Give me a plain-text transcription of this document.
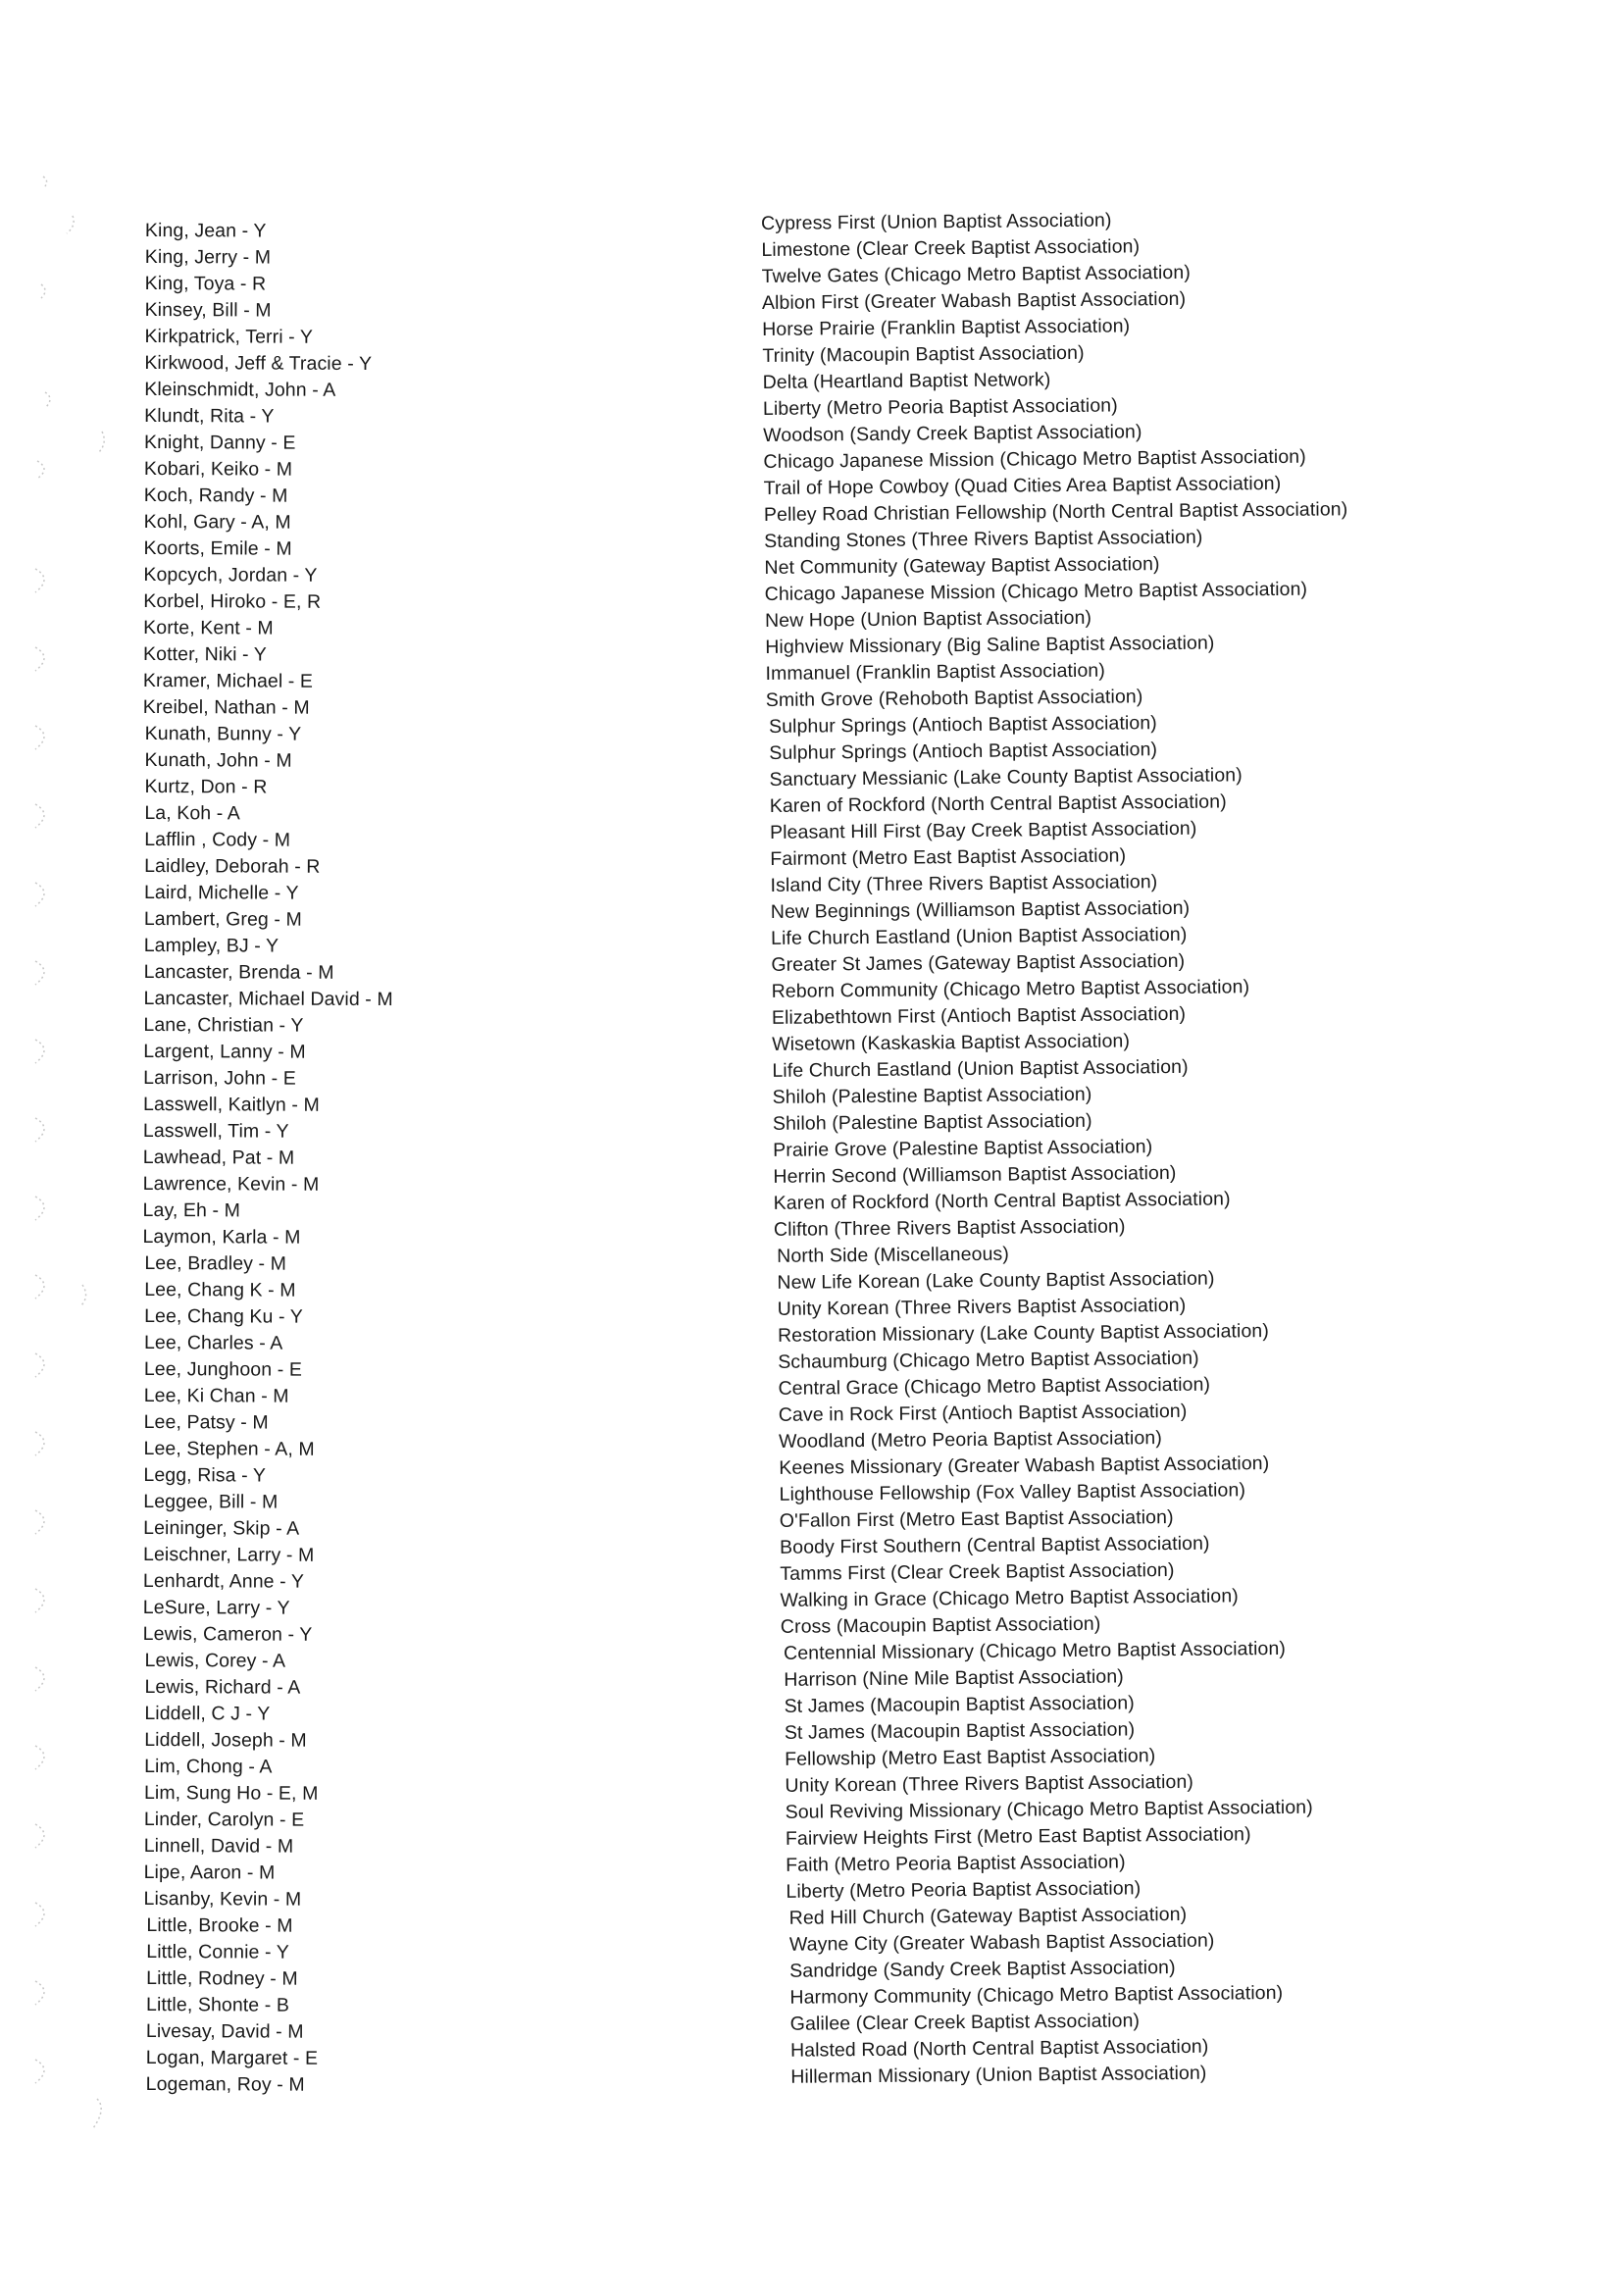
King, Jean - Y
King, Jerry - M
King, Toya - R
Kinsey, Bill - M
Kirkpatrick, Terri - Y
Kirkwood, Jeff & Tracie - Y
Kleinschmidt, John - A
Klundt, Rita - Y
Knight, Danny - E
Kobari, Keiko - M
Koch, Randy - M
Kohl, Gary - A, M
Koorts, Emile - M
Kopcych, Jordan - Y
Korbel, Hiroko - E, R
Korte, Kent - M
Kotter, Niki - Y
Kramer, Michael - E
Kreibel, Nathan - M
Kunath, Bunny - Y
Kunath, John - M
Kurtz, Don - R
La, Koh - A
Lafflin , Cody - M
Laidley, Deborah - R
Laird, Michelle - Y
Lambert, Greg - M
Lampley, BJ - Y
Lancaster, Brenda - M
Lancaster, Michael David - M
Lane, Christian - Y
Largent, Lanny - M
Larrison, John - E
Lasswell, Kaitlyn - M
Lasswell, Tim - Y
Lawhead, Pat - M
Lawrence, Kevin - M
Lay, Eh - M
Laymon, Karla - M
Lee, Bradley - M
Lee, Chang K - M
Lee, Chang Ku - Y
Lee, Charles - A
Lee, Junghoon - E
Lee, Ki Chan - M
Lee, Patsy - M
Lee, Stephen - A, M
Legg, Risa - Y
Leggee, Bill - M
Leininger, Skip - A
Leischner, Larry - M
Lenhardt, Anne - Y
LeSure, Larry - Y
Lewis, Cameron - Y
Lewis, Corey - A
Lewis, Richard - A
Liddell, C J - Y
Liddell, Joseph - M
Lim, Chong - A
Lim, Sung Ho - E, M
Linder, Carolyn - E
Linnell, David - M
Lipe, Aaron - M
Lisanby, Kevin - M
Little, Brooke - M
Little, Connie - Y
Little, Rodney - M
Little, Shonte - B
Livesay, David - M
Logan, Margaret - E
Logeman, Roy - M
Cypress First (Union Baptist Association)
Limestone (Clear Creek Baptist Association)
Twelve Gates (Chicago Metro Baptist Association)
Albion First (Greater Wabash Baptist Association)
Horse Prairie (Franklin Baptist Association)
Trinity (Macoupin Baptist Association)
Delta (Heartland Baptist Network)
Liberty (Metro Peoria Baptist Association)
Woodson (Sandy Creek Baptist Association)
Chicago Japanese Mission (Chicago Metro Baptist Association)
Trail of Hope Cowboy (Quad Cities Area Baptist Association)
Pelley Road Christian Fellowship (North Central Baptist Association)
Standing Stones (Three Rivers Baptist Association)
Net Community (Gateway Baptist Association)
Chicago Japanese Mission (Chicago Metro Baptist Association)
New Hope (Union Baptist Association)
Highview Missionary (Big Saline Baptist Association)
Immanuel (Franklin Baptist Association)
Smith Grove (Rehoboth Baptist Association)
Sulphur Springs (Antioch Baptist Association)
Sulphur Springs (Antioch Baptist Association)
Sanctuary Messianic (Lake County Baptist Association)
Karen of Rockford (North Central Baptist Association)
Pleasant Hill First (Bay Creek Baptist Association)
Fairmont (Metro East Baptist Association)
Island City (Three Rivers Baptist Association)
New Beginnings (Williamson Baptist Association)
Life Church Eastland (Union Baptist Association)
Greater St James (Gateway Baptist Association)
Reborn Community (Chicago Metro Baptist Association)
Elizabethtown First (Antioch Baptist Association)
Wisetown (Kaskaskia Baptist Association)
Life Church Eastland (Union Baptist Association)
Shiloh (Palestine Baptist Association)
Shiloh (Palestine Baptist Association)
Prairie Grove (Palestine Baptist Association)
Herrin Second (Williamson Baptist Association)
Karen of Rockford (North Central Baptist Association)
Clifton (Three Rivers Baptist Association)
North Side (Miscellaneous)
New Life Korean (Lake County Baptist Association)
Unity Korean (Three Rivers Baptist Association)
Restoration Missionary (Lake County Baptist Association)
Schaumburg (Chicago Metro Baptist Association)
Central Grace (Chicago Metro Baptist Association)
Cave in Rock First (Antioch Baptist Association)
Woodland (Metro Peoria Baptist Association)
Keenes Missionary (Greater Wabash Baptist Association)
Lighthouse Fellowship (Fox Valley Baptist Association)
O'Fallon First (Metro East Baptist Association)
Boody First Southern (Central Baptist Association)
Tamms First (Clear Creek Baptist Association)
Walking in Grace (Chicago Metro Baptist Association)
Cross (Macoupin Baptist Association)
Centennial Missionary (Chicago Metro Baptist Association)
Harrison (Nine Mile Baptist Association)
St James (Macoupin Baptist Association)
St James (Macoupin Baptist Association)
Fellowship (Metro East Baptist Association)
Unity Korean (Three Rivers Baptist Association)
Soul Reviving Missionary (Chicago Metro Baptist Association)
Fairview Heights First (Metro East Baptist Association)
Faith (Metro Peoria Baptist Association)
Liberty (Metro Peoria Baptist Association)
Red Hill Church (Gateway Baptist Association)
Wayne City (Greater Wabash Baptist Association)
Sandridge (Sandy Creek Baptist Association)
Harmony Community (Chicago Metro Baptist Association)
Galilee (Clear Creek Baptist Association)
Halsted Road (North Central Baptist Association)
Hillerman Missionary (Union Baptist Association)
